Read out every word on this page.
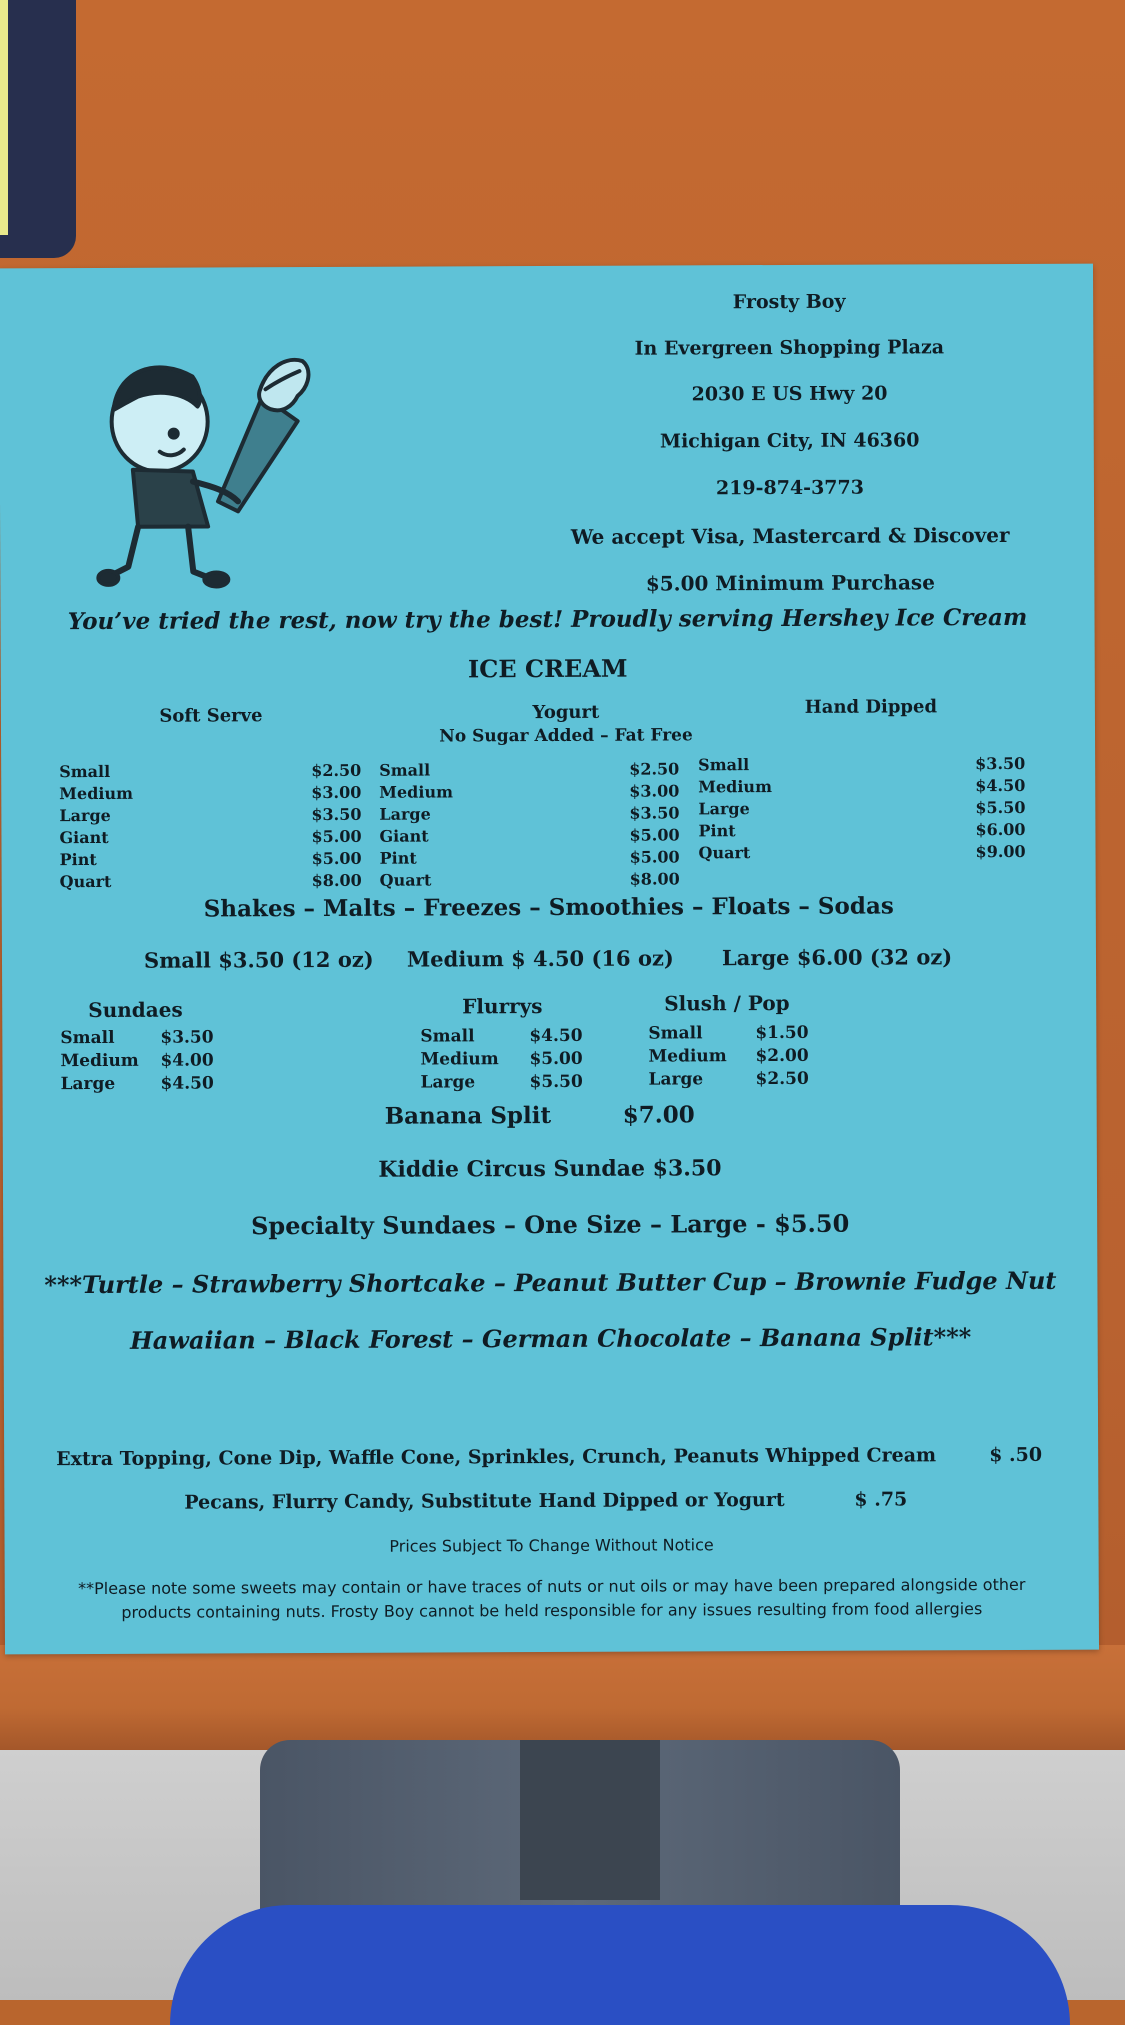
Frosty Boy
In Evergreen Shopping Plaza
2030 E US Hwy 20
Michigan City, IN 46360
219-874-3773
We accept Visa, Mastercard & Discover
$5.00 Minimum Purchase
You’ve tried the rest, now try the best! Proudly serving Hershey Ice Cream
ICE CREAM
Soft Serve
Small	$2.50
Medium	$3.00
Large	$3.50
Giant	$5.00
Pint	$5.00
Quart	$8.00
Yogurt
No Sugar Added – Fat Free
Small	$2.50
Medium	$3.00
Large	$3.50
Giant	$5.00
Pint	$5.00
Quart	$8.00
Hand Dipped
Small	$3.50
Medium	$4.50
Large	$5.50
Pint	$6.00
Quart	$9.00
Shakes – Malts – Freezes – Smoothies – Floats – Sodas
Small $3.50 (12 oz) Medium $ 4.50 (16 oz) Large $6.00 (32 oz)
Sundaes
Small	$3.50
Medium $4.00
Large	$4.50
Flurrys
Small	$4.50
Medium $5.00
Large	$5.50
Slush / Pop
Small	$1.50
Medium $2.00
Large	$2.50
Banana Split	$7.00
Kiddie Circus Sundae $3.50
Specialty Sundaes – One Size – Large - $5.50
***Turtle – Strawberry Shortcake – Peanut Butter Cup – Brownie Fudge Nut
Hawaiian – Black Forest – German Chocolate – Banana Split***
Extra Topping, Cone Dip, Waffle Cone, Sprinkles, Crunch, Peanuts Whipped Cream	$ .50
Pecans, Flurry Candy, Substitute Hand Dipped or Yogurt	$ .75
Prices Subject To Change Without Notice
**Please note some sweets may contain or have traces of nuts or nut oils or may have been prepared alongside other
products containing nuts. Frosty Boy cannot be held responsible for any issues resulting from food allergies
